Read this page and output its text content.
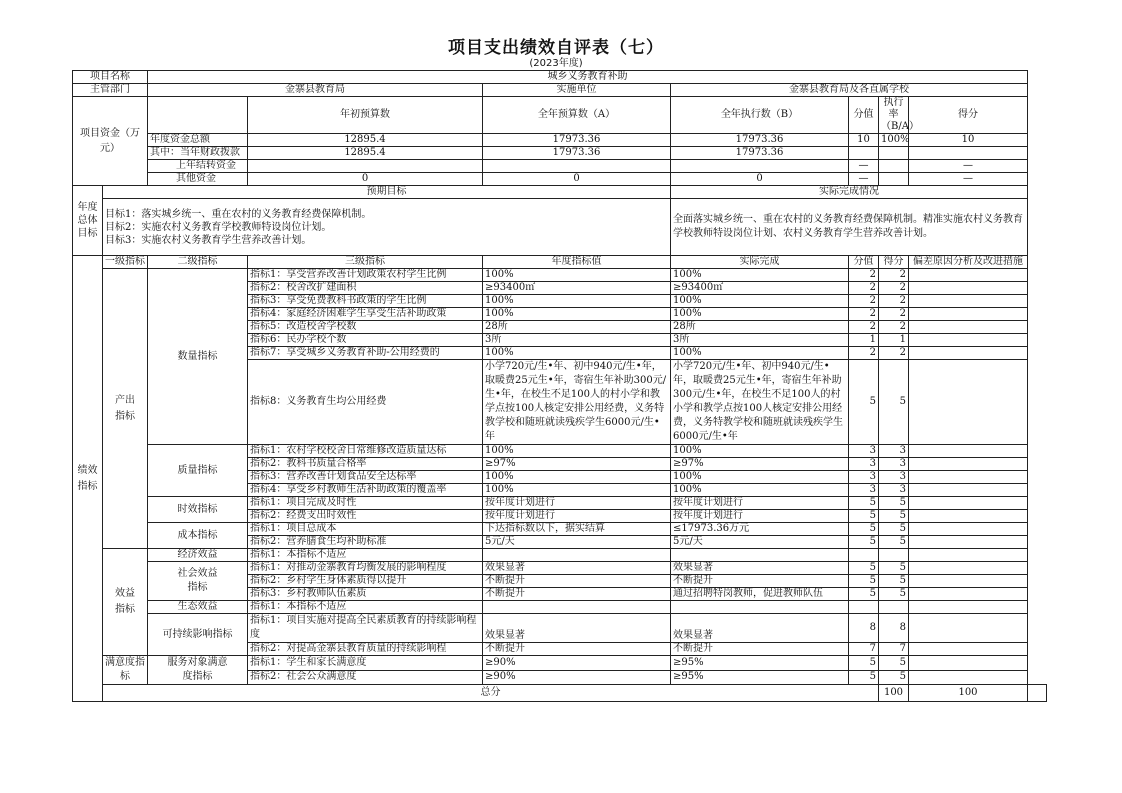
项目支出绩效自评表（七）
(2023年度)
项目名称		城乡义务教育补助							
主管部门		金寨县教育局		实施单位	金寨县教育局及各直属学校				
项目资金（万元）			年初预算数	全年预算数（A）	全年执行数（B）	分值	执行率（B/A）	得分	
		年度资金总额	12895.4	17973.36	17973.36	10	100%	10	
		其中：当年财政拨款	12895.4	17973.36	17973.36				
		上年结转资金				—		—	
		其他资金	0	0	0	—		—	
年度总体目标	预期目标				实际完成情况				

	目标1：落实城乡统一、重在农村的义务教育经费保障机制。
目标2：实施农村义务教育学校教师特设岗位计划。
目标3：实施农村义务教育学生营养改善计划。				全面落实城乡统一、重在农村的义务教育经费保障机制。精准实施农村义务教育学校教师特设岗位计划、农村义务教育学生营养改善计划。				
绩效指标	一级指标	二级指标	三级指标	年度指标值	实际完成	分值	得分	偏差原因分析及改进措施	
	产出指标	数量指标	指标1：享受营养改善计划政策农村学生比例	100%	100%	2	2		
			指标2：校舍改扩建面积	≥93400㎡	≥93400㎡	2	2		
			指标3：享受免费教科书政策的学生比例	100%	100%	2	2		
			指标4：家庭经济困难学生享受生活补助政策	100%	100%	2	2		
			指标5：改造校舍学校数	28所	28所	2	2		
			指标6：民办学校个数	3所	3所	1	1		
			指标7：享受城乡义务教育补助-公用经费的	100%	100%	2	2		
			指标8：义务教育生均公用经费	小学720元/生•年、初中940元/生•年，取暖费25元生•年，寄宿生年补助300元/生•年，在校生不足100人的村小学和教学点按100人核定安排公用经费，义务特教学校和随班就读残疾学生6000元/生•年	小学720元/生•年、初中940元/生•年，取暖费25元生•年，寄宿生年补助300元/生•年，在校生不足100人的村小学和教学点按100人核定安排公用经费，义务特教学校和随班就读残疾学生6000元/生•年	5	5		
		质量指标	指标1：农村学校校舍日常维修改造质量达标	100%	100%	3	3		
			指标2：教科书质量合格率	≥97%	≥97%	3	3		
			指标3：营养改善计划食品安全达标率	100%	100%	3	3		
			指标4：享受乡村教师生活补助政策的覆盖率	100%	100%	3	3		
		时效指标	指标1：项目完成及时性	按年度计划进行	按年度计划进行	5	5		
			指标2：经费支出时效性	按年度计划进行	按年度计划进行	5	5		
		成本指标	指标1：项目总成本	下达指标数以下，据实结算	≤17973.36万元	5	5		
			指标2：营养膳食生均补助标准	5元/天	5元/天	5	5		
	效益指标	经济效益	指标1：本指标不适应						
		社会效益指标	指标1：对推动金寨教育均衡发展的影响程度	效果显著	效果显著	5	5		
			指标2：乡村学生身体素质得以提升	不断提升	不断提升	5	5		
			指标3：乡村教师队伍素质	不断提升	通过招聘特岗教师，促进教师队伍	5	5		
		生态效益	指标1：本指标不适应						
		可持续影响指标	指标1：项目实施对提高全民素质教育的持续影响程度	效果显著	效果显著	8	8		
			指标2：对提高金寨县教育质量的持续影响程	不断提升	不断提升	7	7		
	满意度指标	服务对象满意度指标	指标1：学生和家长满意度	≥90%	≥95%	5	5		
			指标2：社会公众满意度	≥90%	≥95%	5	5		
	总分						100	100	
